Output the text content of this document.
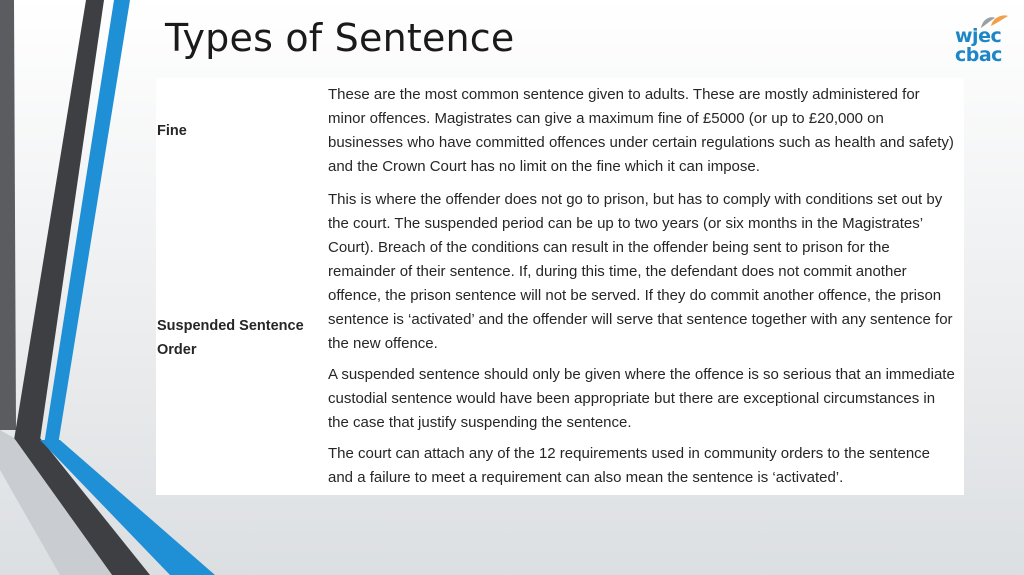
Types of Sentence	wjec
cbac
Fine

These are the most common sentence given to adults. These are mostly administered for minor offences. Magistrates can give a maximum fine of £5000 (or up to £20,000 on businesses who have committed offences under certain regulations such as health and safety) and the Crown Court has no limit on the fine which it can impose.

Suspended Sentence Order

This is where the offender does not go to prison, but has to comply with conditions set out by the court. The suspended period can be up to two years (or six months in the Magistrates’ Court). Breach of the conditions can result in the offender being sent to prison for the remainder of their sentence. If, during this time, the defendant does not commit another offence, the prison sentence will not be served. If they do commit another offence, the prison sentence is ‘activated’ and the offender will serve that sentence together with any sentence for the new offence.

A suspended sentence should only be given where the offence is so serious that an immediate custodial sentence would have been appropriate but there are exceptional circumstances in the case that justify suspending the sentence.

The court can attach any of the 12 requirements used in community orders to the sentence and a failure to meet a requirement can also mean the sentence is ‘activated’.
